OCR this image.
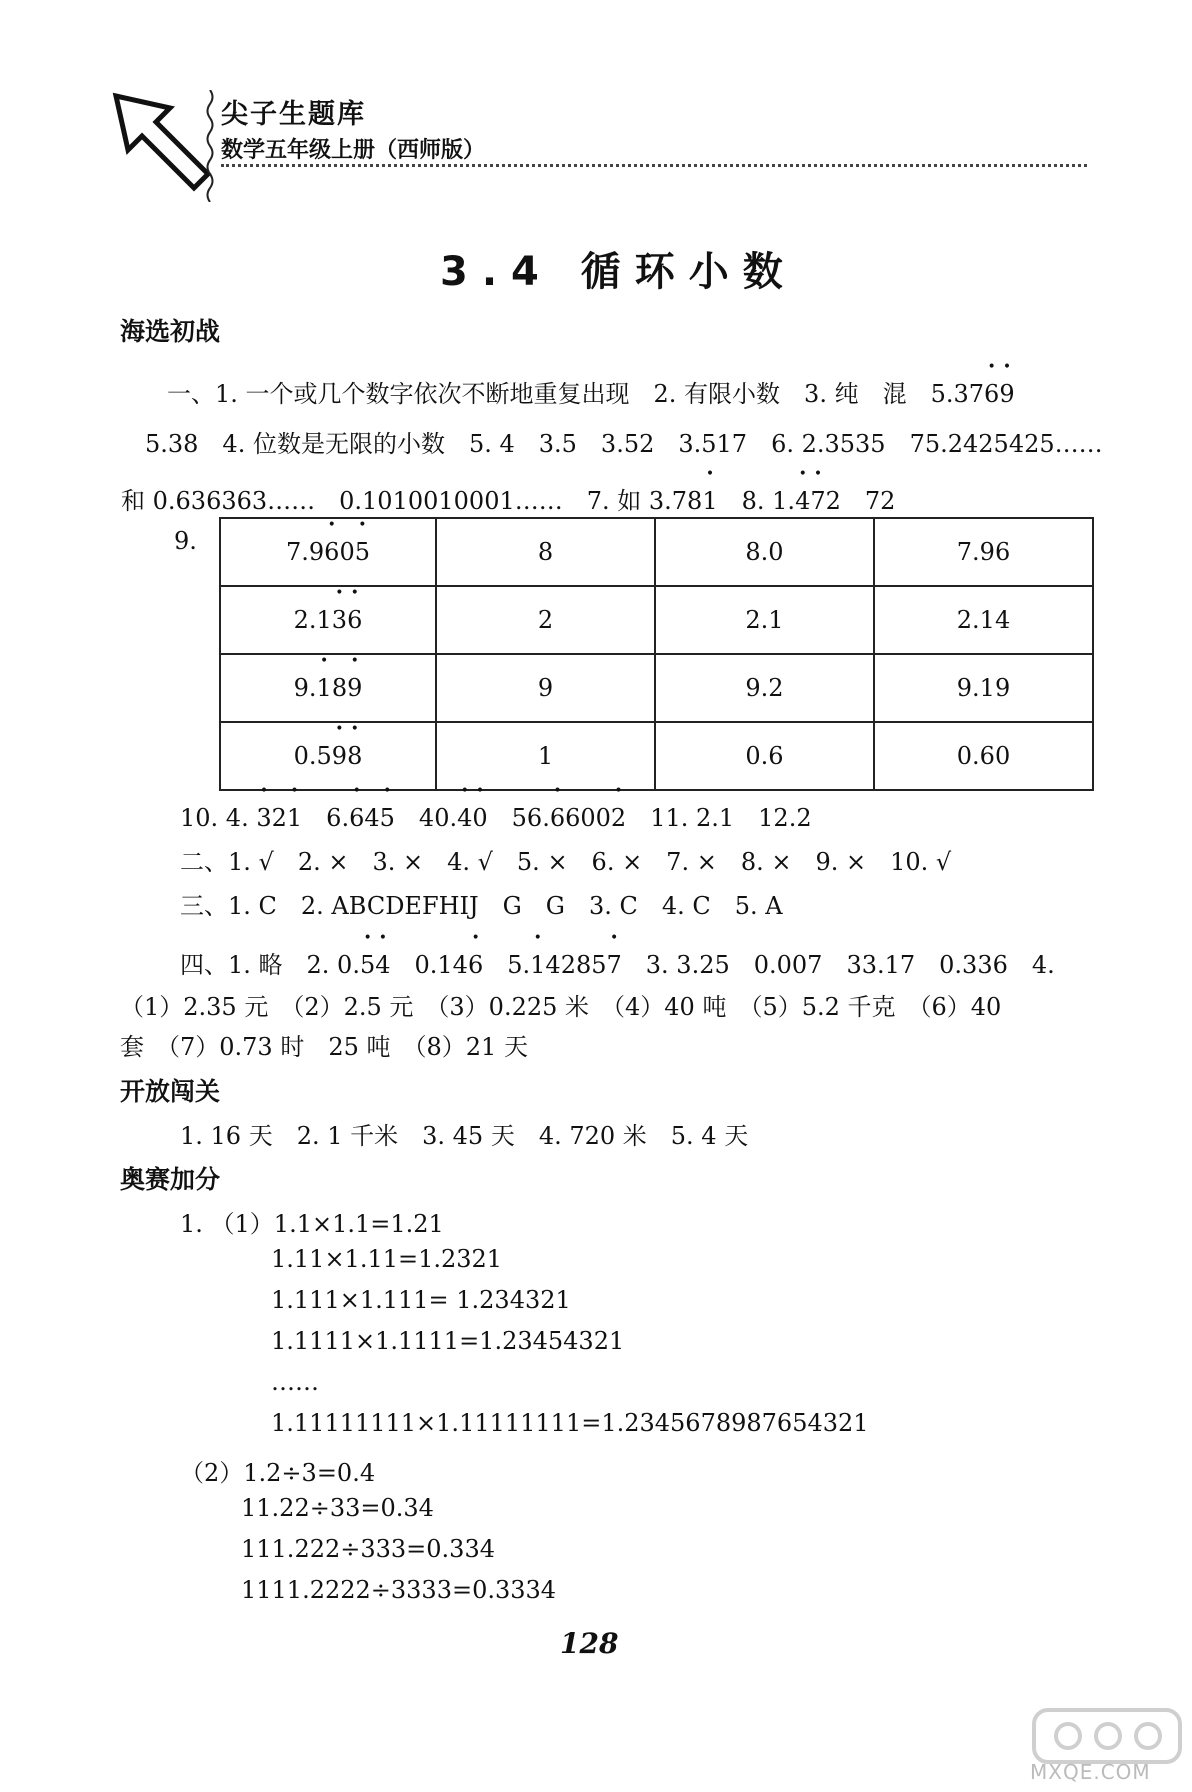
尖子生题库
数学五年级上册（西师版）
3.4 循环小数
海选初战
一、1. 一个或几个数字依次不断地重复出现　2. 有限小数　3. 纯　混　5.37• 6• 9
5.38　4. 位数是无限的小数　5. 4　3.5　3.52　3.517　6. 2.3535　75.2425425……
和 0.636363……　0.1010010001……　7. 如 3.78• 1　8. 1.• 4• 72　72
9.	7.9• 60• 5	8	8.0	7.96
2.1• 3• 6	2	2.1	2.14
9.• 18• 9	9	9.2	9.19
0.5• 9• 8	1	0.6	0.60
10. 4. • 32• 1　6.• 64• 5　40.• 4• 0　56.• 6600• 2　11. 2.1　12.2
二、1. √　2. ×　3. ×　4. √　5. ×　6. ×　7. ×　8. ×　9. ×　10. √
三、1. C　2. ABCDEFHIJ　G　G　3. C　4. C　5. A
四、1. 略　2. 0.• 5• 4　0.14• 6　5.• 14285• 7　3. 3.25　0.007　33.17　0.336　4.
（1）2.35 元　（2）2.5 元　（3）0.225 米　（4）40 吨　（5）5.2 千克　（6）40
套　（7）0.73 时　25 吨　（8）21 天
开放闯关
1. 16 天　2. 1 千米　3. 45 天　4. 720 米　5. 4 天
奥赛加分
1. （1）1.1×1.1=1.21
1.11×1.11=1.2321
1.111×1.111= 1.234321
1.1111×1.1111=1.23454321
……
1.11111111×1.11111111=1.2345678987654321
（2）1.2÷3=0.4
11.22÷33=0.34
111.222÷333=0.334
1111.2222÷3333=0.3334
128
MXQE.COM
